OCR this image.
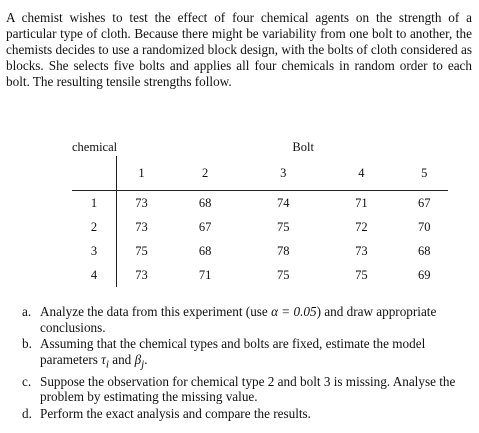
A chemist wishes to test the effect of four chemical agents on the strength of a particular type of cloth. Because there might be variability from one bolt to another, the chemists decides to use a randomized block design, with the bolts of cloth considered as blocks. She selects five bolts and applies all four chemicals in random order to each bolt. The resulting tensile strengths follow.
chemical		Bolt			
	1	2	3	4	5
1	73	68	74	71	67
2	73	67	75	72	70
3	75	68	78	73	68
4	73	71	75	75	69
a. Analyze the data from this experiment (use α = 0.05) and draw appropriate conclusions.
b. Assuming that the chemical types and bolts are fixed, estimate the model parameters $\tau_i$ and $\beta_j$.
c. Suppose the observation for chemical type 2 and bolt 3 is missing. Analyse the problem by estimating the missing value.
d. Perform the exact analysis and compare the results.
